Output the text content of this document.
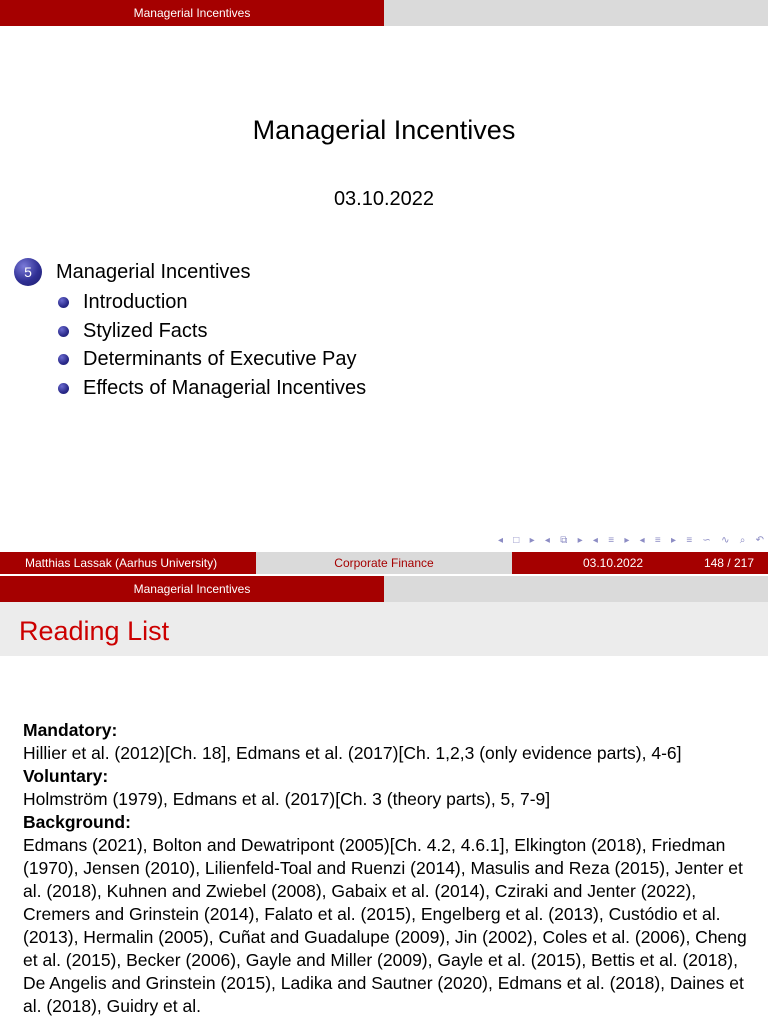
Managerial Incentives
Managerial Incentives
03.10.2022
5	Managerial Incentives
Introduction
Stylized Facts
Determinants of Executive Pay
Effects of Managerial Incentives
◂ □ ▸ ◂ ⧉ ▸ ◂ ≡ ▸ ◂ ≡ ▸ ≡ ∽ ∿ ⌕ ↶
Matthias Lassak (Aarhus University)	Corporate Finance	03.10.2022	148 / 217
Managerial Incentives
Reading List
Mandatory:
Hillier et al. (2012)[Ch. 18], Edmans et al. (2017)[Ch. 1,2,3 (only evidence parts), 4-6]
Voluntary:
Holmström (1979), Edmans et al. (2017)[Ch. 3 (theory parts), 5, 7-9]
Background:
Edmans (2021), Bolton and Dewatripont (2005)[Ch. 4.2, 4.6.1], Elkington (2018), Friedman (1970), Jensen (2010), Lilienfeld-Toal and Ruenzi (2014), Masulis and Reza (2015), Jenter et al. (2018), Kuhnen and Zwiebel (2008), Gabaix et al. (2014), Cziraki and Jenter (2022), Cremers and Grinstein (2014), Falato et al. (2015), Engelberg et al. (2013), Custódio et al. (2013), Hermalin (2005), Cuñat and Guadalupe (2009), Jin (2002), Coles et al. (2006), Cheng et al. (2015), Becker (2006), Gayle and Miller (2009), Gayle et al. (2015), Bettis et al. (2018), De Angelis and Grinstein (2015), Ladika and Sautner (2020), Edmans et al. (2018), Daines et al. (2018), Guidry et al.
